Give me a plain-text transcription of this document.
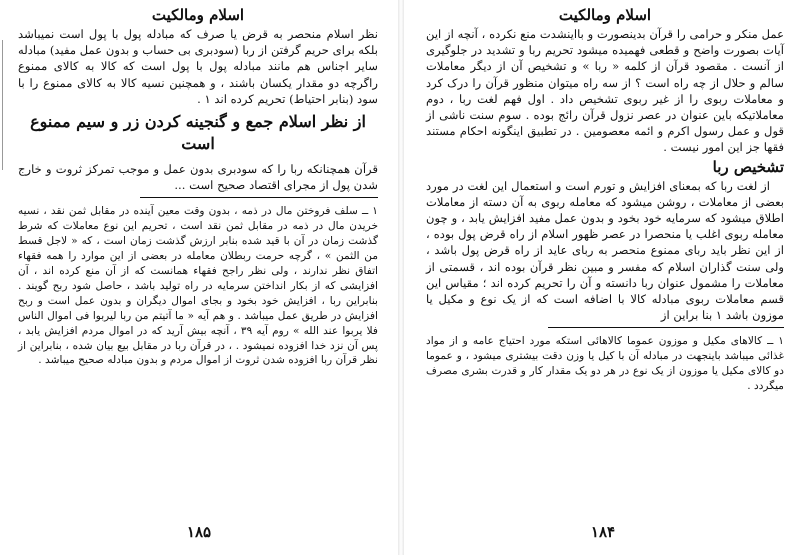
اسلام ومالکیت

نظر اسلام منحصر به قرض یا صرف که مبادله پول با پول است نمیباشد بلکه برای حریم گرفتن از ربا (سودبری بی حساب و بدون عمل مفید) مبادله سایر اجناس هم مانند مبادله پول با پول است که کالا به کالای ممنوع راگرچه دو مقدار یکسان باشند ، و همچنین نسیه کالا به کالای ممنوع را با سود (بنابر احتیاط) تحریم کرده اند ۱ .

از نظر اسلام جمع و گنجینه کردن زر و سیم ممنوع است

قرآن همچنانکه ربا را که سودبری بدون عمل و موجب تمرکز ثروت و خارج شدن پول از مجرای اقتصاد صحیح است ...

۱ ــ سلف فروختن مال در ذمه ، بدون وقت معین آینده در مقابل ثمن نقد ، نسیه خریدن مال در ذمه در مقابل ثمن نقد است ، تحریم این نوع معاملات که شرط گذشت زمان در آن با قید شده بنابر ارزش گذشت زمان است ، که « لاجل قسط من الثمن » ، گرچه حرمت ربطلان معامله در بعضی از این موارد را همه فقهاء اتفاق نظر ندارند ، ولی نظر راجح فقهاء همانست که از آن منع کرده اند ، آن افزایشی که از بکار انداختن سرمایه در راه تولید باشد ، حاصل شود ربح گویند . بنابراین ربا ، افزایش خود بخود و بجای اموال دیگران و بدون عمل است و ربح افزایش در طریق عمل میباشد . و هم آیه « ما آتیتم من ربا لیربوا فی اموال الناس فلا یربوا عند الله » روم آیه ۳۹ ، آنچه بیش آرید که در اموال مردم افزایش یابد ، پس آن نزد خدا افزوده نمیشود . ، در قرآن ربا در مقابل بیع بیان شده ، بنابراین از نظر قرآن ربا افزوده شدن ثروت از اموال مردم و بدون مبادله صحیح میباشد .

۱۸۵
اسلام ومالکیت

عمل منکر و حرامی را قرآن بدینصورت و بااینشدت منع نکرده ، آنچه از این آیات بصورت واضح و قطعی فهمیده میشود تحریم ربا و تشدید در جلوگیری از آنست . مقصود قرآن از کلمه « ربا » و تشخیص آن از دیگر معاملات سالم و حلال از چه راه است ؟ از سه راه میتوان منظور قرآن را درک کرد و معاملات ربوی را از غیر ربوی تشخیص داد . اول فهم لغت ربا ، دوم معاملاتیکه باین عنوان در عصر نزول قرآن رائج بوده . سوم سنت ناشی از قول و عمل رسول اکرم و ائمه معصومین . در تطبیق اینگونه احکام مستند فقها جز این امور نیست .

تشخیص ربا

از لغت ربا که بمعنای افزایش و تورم است و استعمال این لغت در مورد بعضی از معاملات ، روشن میشود که معامله ربوی به آن دسته از معاملات اطلاق میشود که سرمایه خود بخود و بدون عمل مفید افزایش یابد ، و چون معامله ربوی اغلب یا منحصرا در عصر ظهور اسلام از راه قرض پول بوده ، از این نظر باید ربای ممنوع منحصر به ربای عاید از راه قرض پول باشد ، ولی سنت گذاران اسلام که مفسر و مبین نظر قرآن بوده اند ، قسمتی از معاملات را مشمول عنوان ربا دانسته و آن را تحریم کرده اند ؛ مقیاس این قسم معاملات ربوی مبادله کالا با اضافه است که از یک نوع و مکیل یا موزون باشد ۱ بنا براین از

۱ ــ کالاهای مکیل و موزون عموما کالاهائی استکه مورد احتیاج عامه و از مواد غذائی میباشد باینجهت در مبادله آن با کیل یا وزن دقت بیشتری میشود ، و عموما دو کالای مکیل یا موزون از یک نوع در هر دو یک مقدار کار و قدرت بشری مصرف میگردد .

۱۸۴
